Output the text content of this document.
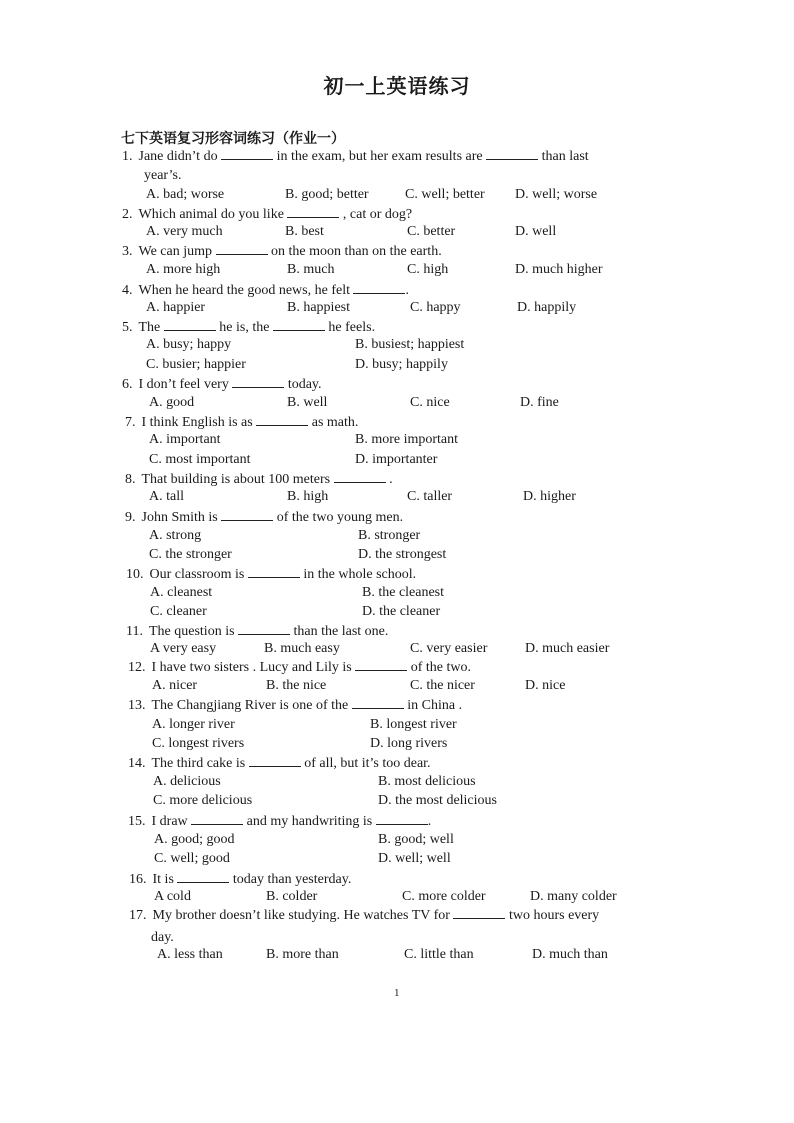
初一上英语练习
七下英语复习形容词练习（作业一）
1. Jane didn’t do	in the exam, but her exam results are	than last
year’s.
A. bad; worse	B. good; better	C. well; better D. well; worse
2. Which animal do you like	, cat or dog?
A. very much	B. best	C. better	D. well
3. We can jump	on the moon than on the earth.
A. more high	B. much	C. high	D. much higher
4. When he heard the good news, he felt	.
A. happier	B. happiest	C. happy	D. happily
5. The	he is, the	he feels.
A. busy; happy	B. busiest; happiest
C. busier; happier	D. busy; happily
6. I don’t feel very	today.
A. good	B. well	C. nice	D. fine
7. I think English is as	as math.
A. important	B. more important
C. most important	D. importanter
8. That building is about 100 meters	.
A. tall	B. high	C. taller	D. higher
9. John Smith is	of the two young men.
A. strong	B. stronger
C. the stronger	D. the strongest
10. Our classroom is	in the whole school.
A. cleanest	B. the cleanest
C. cleaner	D. the cleaner
11. The question is	than the last one.
A very easy	B. much easy	C. very easier	D. much easier
12. I have two sisters . Lucy and Lily is	of the two.
A. nicer	B. the nice	C. the nicer	D. nice
13. The Changjiang River is one of the	in China .
A. longer river	B. longest river
C. longest rivers	D. long rivers
14. The third cake is	of all, but it’s too dear.
A. delicious	B. most delicious
C. more delicious	D. the most delicious
15. I draw	and my handwriting is	.
A. good; good	B. good; well
C. well; good	D. well; well
16. It is	today than yesterday.
A cold	B. colder	C. more colder	D. many colder
17. My brother doesn’t like studying. He watches TV for	two hours every
day.
A. less than	B. more than	C. little than	D. much than
1
